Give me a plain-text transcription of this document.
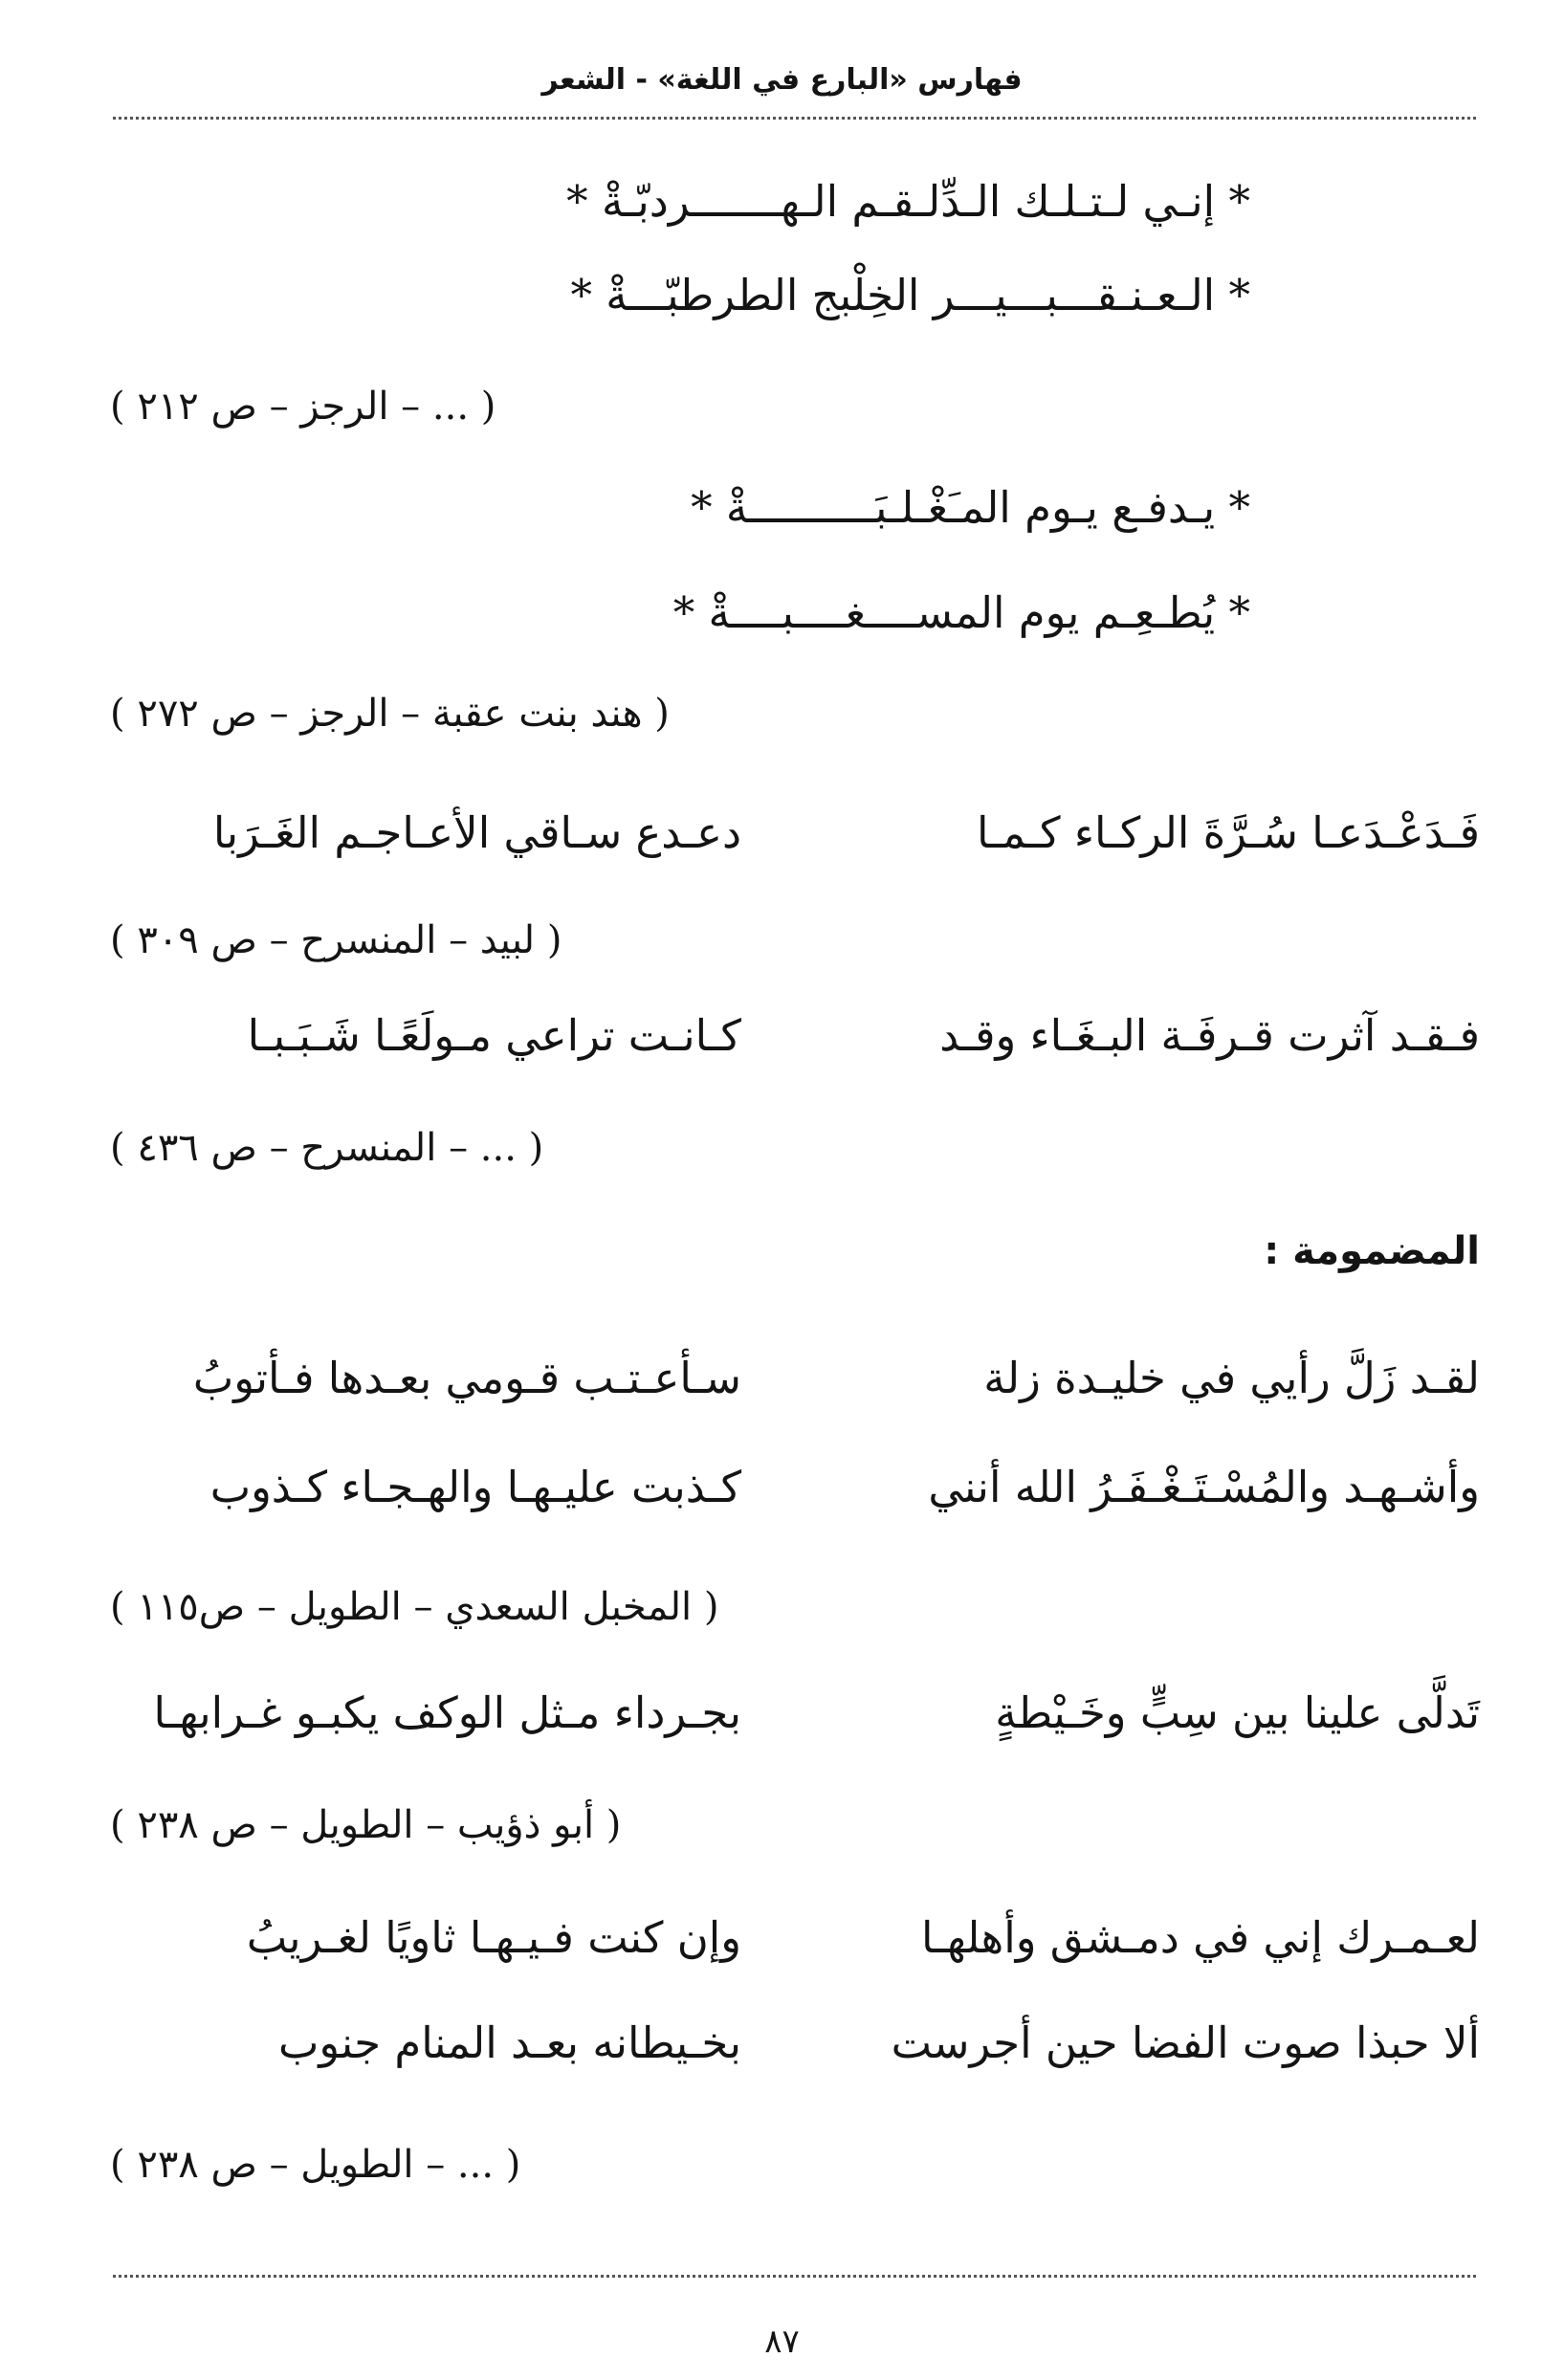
فهارس «البارع في اللغة» - الشعر
* إنـي لـتـلـك الـدِّلـقـم الـهـــــــردبّـةْ *
* الـعـنـقـــبـــيـــر الخِلْبج الطرطبّـــةْ *
( ... – الرجز – ص ٢١٢ )
* يـدفـع يـوم المـَغْـلـبَــــــــــةْ *
* يُطـعِـم يوم المســــغــــبــــةْ *
( هند بنت عقبة – الرجز – ص ٢٧٢ )
فَـدَعْـدَعـا سُـرَّةَ الركـاء كـمـا
دعـدع سـاقي الأعـاجـم الغَـرَبا
( لبيد – المنسرح – ص ٣٠٩ )
فـقـد آثرت قـرفَـة البـغَـاء وقـد
كـانـت تراعي مـولَعًـا شَـبَـبـا
( ... – المنسرح – ص ٤٣٦ )
المضمومة :
لقـد زَلَّ رأيي في خليـدة زلة
سـأعـتـب قـومي بعـدها فـأتوبُ
وأشـهـد والمُسْـتَـغْـفَـرُ الله أنني
كـذبت عليـهـا والهـجـاء كـذوب
( المخبل السعدي – الطويل – ص١١٥ )
تَدلَّى علينا بين سِبٍّ وخَـيْطةٍ
بجـرداء مـثل الوكف يكبـو غـرابهـا
( أبو ذؤيب – الطويل – ص ٢٣٨ )
لعـمـرك إني في دمـشق وأهلهـا
وإن كنت فـيـهـا ثاويًا لغـريبُ
ألا حبذا صوت الفضا حين أجرست
بخـيطانه بعـد المنام جنوب
( ... – الطويل – ص ٢٣٨ )
٨٧
